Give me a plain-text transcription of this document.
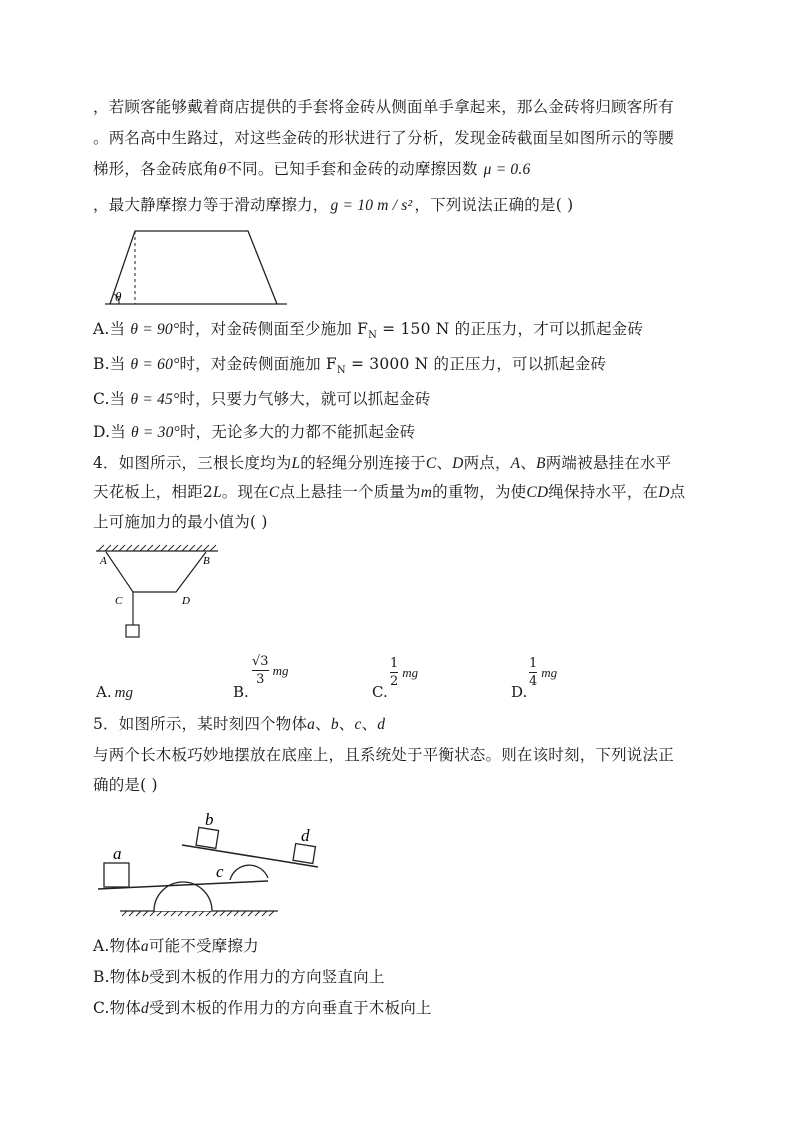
，若顾客能够戴着商店提供的手套将金砖从侧面单手拿起来，那么金砖将归顾客所有
。两名高中生路过，对这些金砖的形状进行了分析，发现金砖截面呈如图所示的等腰
梯形，各金砖底角θ不同。已知手套和金砖的动摩擦因数 μ = 0.6
，最大静摩擦力等于滑动摩擦力， g = 10 m / s² ，下列说法正确的是( )
θ
A.当 θ = 90°时，对金砖侧面至少施加 $F_N = 150$ N 的正压力，才可以抓起金砖
B.当 θ = 60°时，对金砖侧面施加 $F_N = 3000$ N 的正压力，可以抓起金砖
C.当 θ = 45°时，只要力气够大，就可以抓起金砖
D.当 θ = 30°时，无论多大的力都不能抓起金砖
4．如图所示，三根长度均为L的轻绳分别连接于C、D两点，A、B两端被悬挂在水平
天花板上，相距2L。现在C点上悬挂一个质量为m的重物，为使CD绳保持水平，在D点
上可施加力的最小值为( )
A	B
C	D
A. mg	B.
√3
3
mg
C.
1
2
mg
D.
1
4
mg
5．如图所示，某时刻四个物体a、b、c、d
与两个长木板巧妙地摆放在底座上，且系统处于平衡状态。则在该时刻，下列说法正
确的是( )
a
b
c
d
A.物体a可能不受摩擦力
B.物体b受到木板的作用力的方向竖直向上
C.物体d受到木板的作用力的方向垂直于木板向上
